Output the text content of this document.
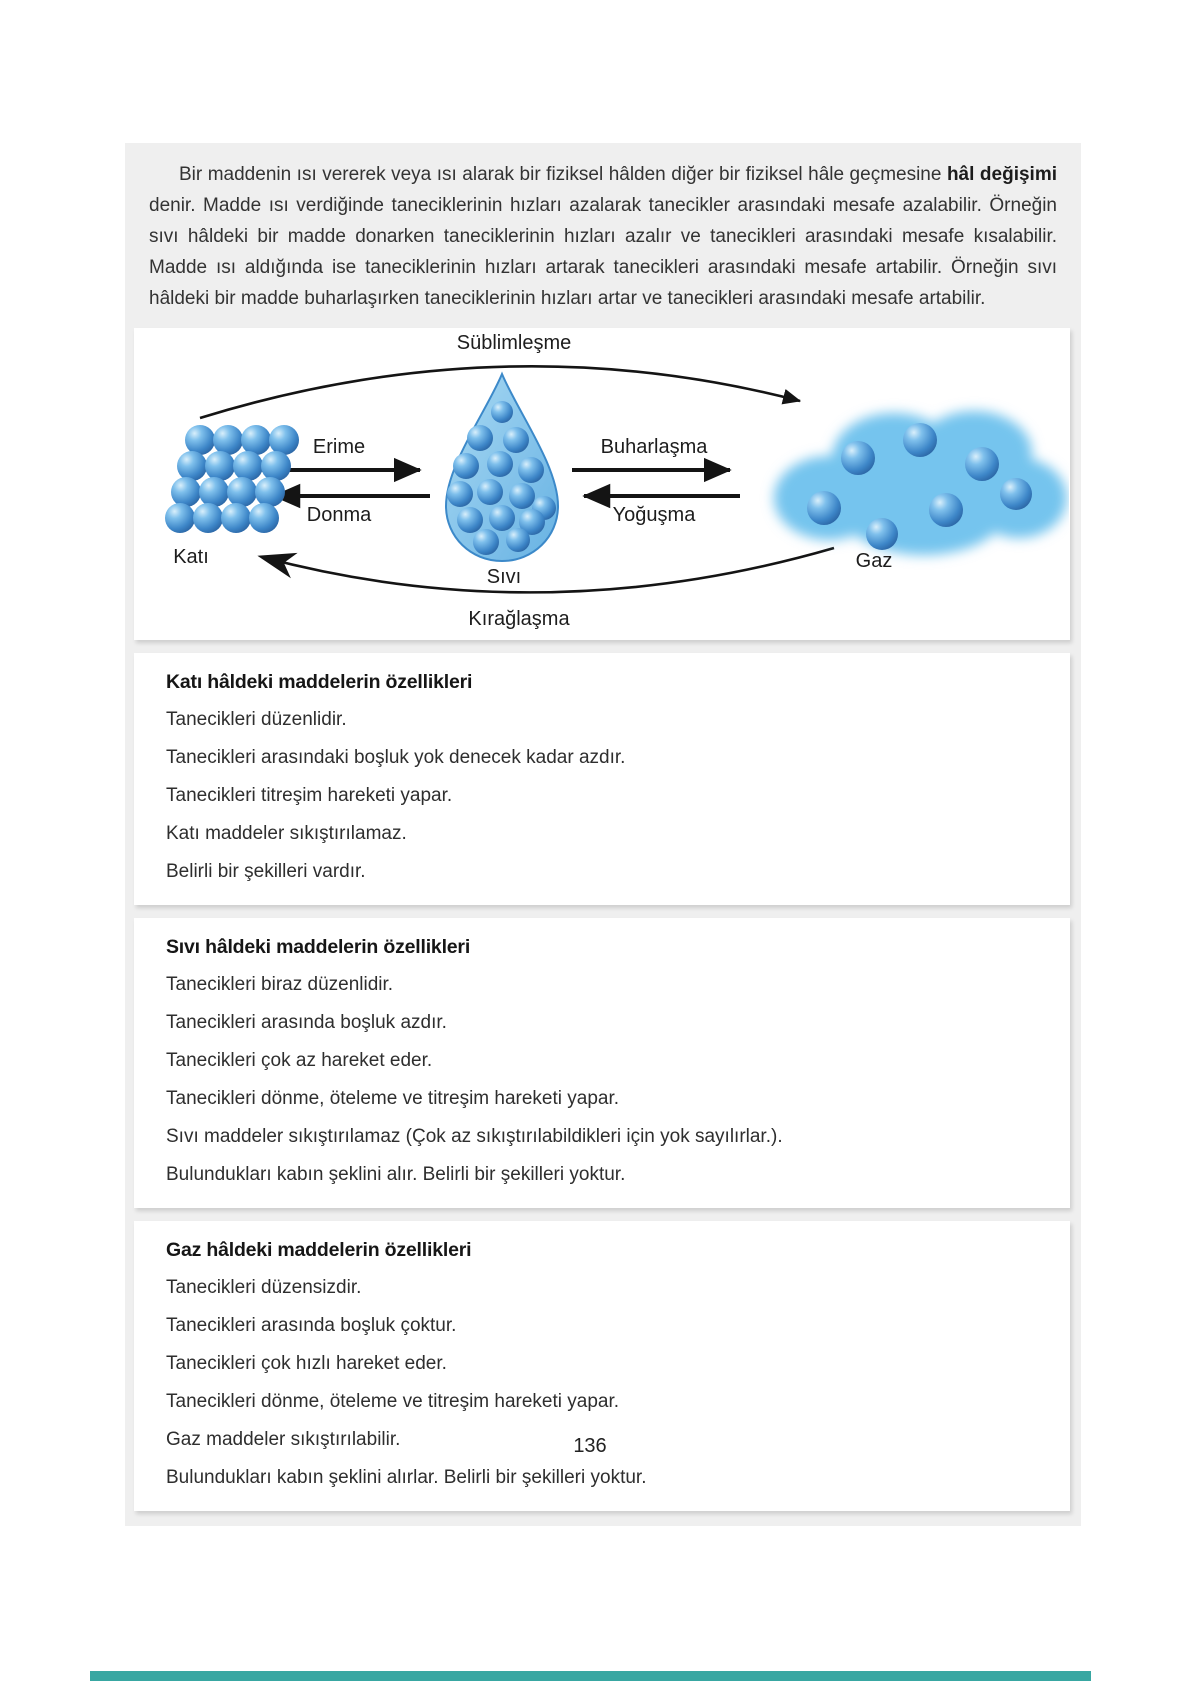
Bir maddenin ısı vererek veya ısı alarak bir fiziksel hâlden diğer bir fiziksel hâle geçmesine hâl değişimi denir. Madde ısı verdiğinde taneciklerinin hızları azalarak tanecikler arasındaki mesafe azalabilir. Örneğin sıvı hâldeki bir madde donarken taneciklerinin hızları azalır ve tanecikleri arasındaki mesafe kısalabilir. Madde ısı aldığında ise taneciklerinin hızları artarak tanecikleri arasındaki mesafe artabilir. Örneğin sıvı hâldeki bir madde buharlaşırken taneciklerinin hızları artar ve tanecikleri arasındaki mesafe artabilir.

Süblimleşme
Erime
Donma
Buharlaşma
Yoğuşma
Katı
Sıvı
Gaz
Kırağlaşma
Katı hâldeki maddelerin özellikleri
Tanecikleri düzenlidir.
Tanecikleri arasındaki boşluk yok denecek kadar azdır.
Tanecikleri titreşim hareketi yapar.
Katı maddeler sıkıştırılamaz.
Belirli bir şekilleri vardır.
Sıvı hâldeki maddelerin özellikleri
Tanecikleri biraz düzenlidir.
Tanecikleri arasında boşluk azdır.
Tanecikleri çok az hareket eder.
Tanecikleri dönme, öteleme ve titreşim hareketi yapar.
Sıvı maddeler sıkıştırılamaz (Çok az sıkıştırılabildikleri için yok sayılırlar.).
Bulundukları kabın şeklini alır. Belirli bir şekilleri yoktur.
Gaz hâldeki maddelerin özellikleri
Tanecikleri düzensizdir.
Tanecikleri arasında boşluk çoktur.
Tanecikleri çok hızlı hareket eder.
Tanecikleri dönme, öteleme ve titreşim hareketi yapar.
Gaz maddeler sıkıştırılabilir.
Bulundukları kabın şeklini alırlar. Belirli bir şekilleri yoktur.
136
